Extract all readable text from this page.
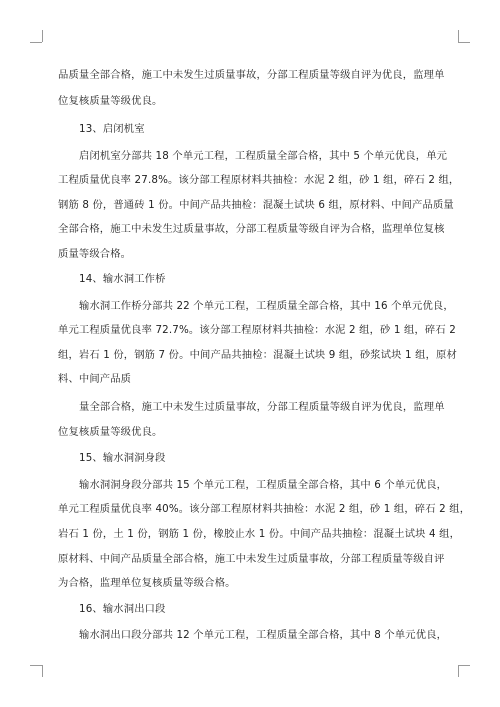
品质量全部合格，施工中未发生过质量事故，分部工程质量等级自评为优良，监理单
位复核质量等级优良。
13、启闭机室
启闭机室分部共 18 个单元工程，工程质量全部合格，其中 5 个单元优良，单元
工程质量优良率 27.8%。该分部工程原材料共抽检：水泥 2 组，砂 1 组，碎石 2 组，
钢筋 8 份，普通砖 1 份。中间产品共抽检：混凝土试块 6 组，原材料、中间产品质量
全部合格，施工中未发生过质量事故，分部工程质量等级自评为合格，监理单位复核
质量等级合格。
14、输水洞工作桥
输水洞工作桥分部共 22 个单元工程，工程质量全部合格，其中 16 个单元优良，
单元工程质量优良率 72.7%。该分部工程原材料共抽检：水泥 2 组，砂 1 组，碎石 2
组，岩石 1 份，钢筋 7 份。中间产品共抽检：混凝土试块 9 组，砂浆试块 1 组，原材
料、中间产品质
量全部合格，施工中未发生过质量事故，分部工程质量等级自评为优良，监理单
位复核质量等级优良。
15、输水洞洞身段
输水洞洞身段分部共 15 个单元工程，工程质量全部合格，其中 6 个单元优良，
单元工程质量优良率 40%。该分部工程原材料共抽检：水泥 2 组，砂 1 组，碎石 2 组，
岩石 1 份，土 1 份，钢筋 1 份，橡胶止水 1 份。中间产品共抽检：混凝土试块 4 组，
原材料、中间产品质量全部合格，施工中未发生过质量事故，分部工程质量等级自评
为合格，监理单位复核质量等级合格。
16、输水洞出口段
输水洞出口段分部共 12 个单元工程，工程质量全部合格，其中 8 个单元优良，
